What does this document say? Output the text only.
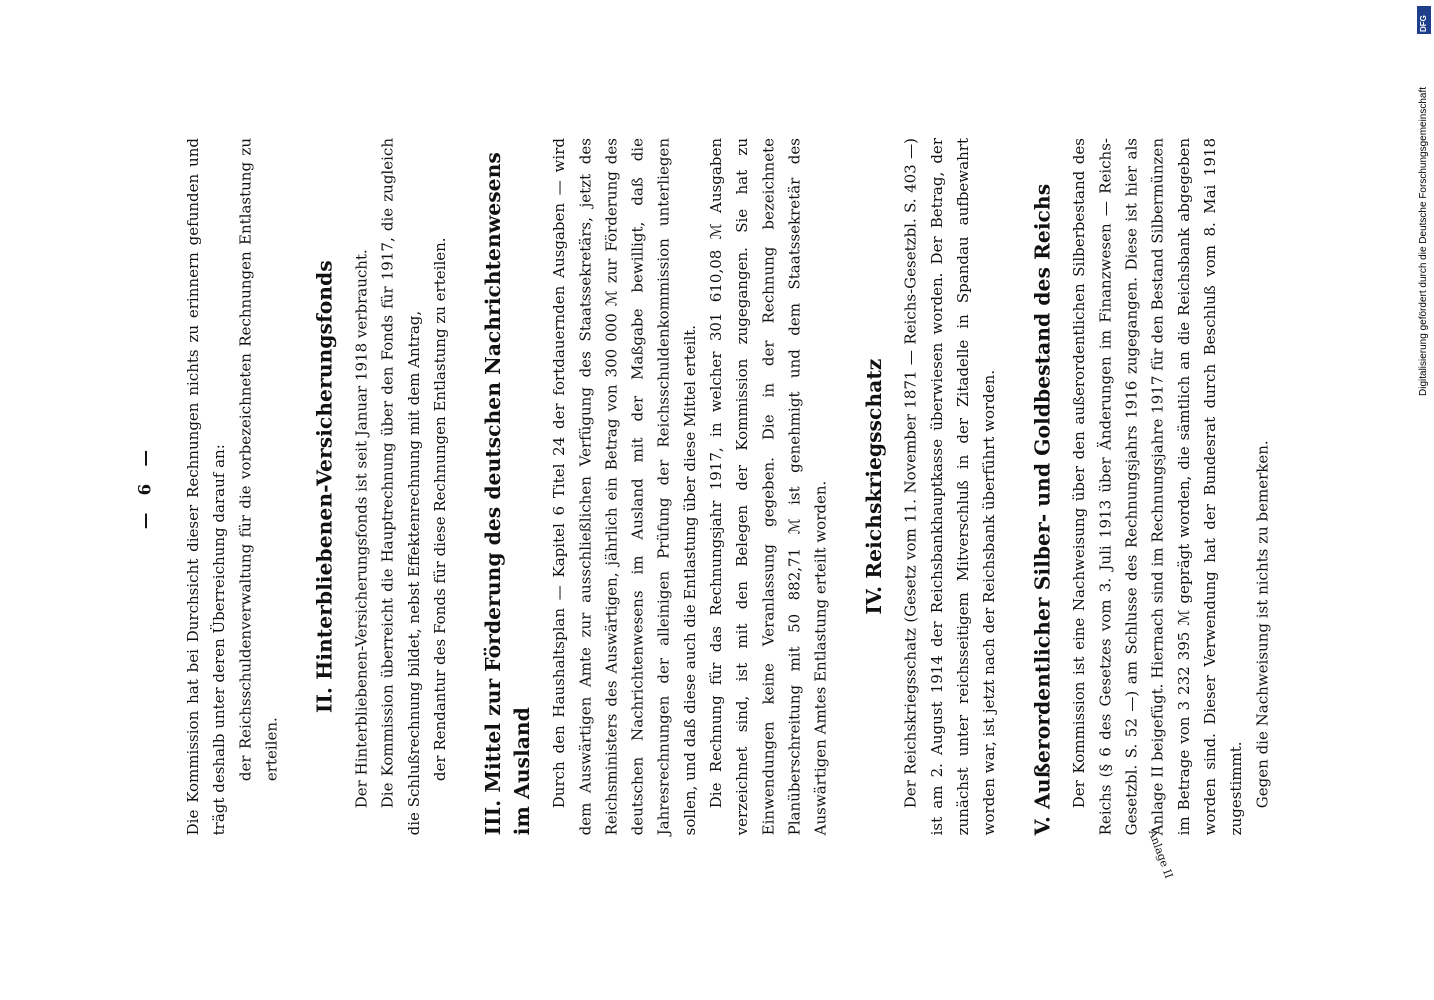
— 6 — Die Kommission hat bei Durchsicht dieser Rechnungen nichts zu erinnern gefunden und trägt deshalb unter deren Überreichung darauf an: der Reichsschuldenverwaltung für die vorbezeichneten Rechnungen Entlastung zu erteilen.

II. Hinterbliebenen-Versicherungsfonds Der Hinterbliebenen-Versicherungsfonds ist seit Januar 1918 verbraucht. Die Kommission überreicht die Hauptrechnung über den Fonds für 1917, die zugleich die Schlußrechnung bildet, nebst Effektenrechnung mit dem Antrag, der Rendantur des Fonds für diese Rechnungen Entlastung zu erteilen. III. Mittel zur Förderung des deutschen Nachrichtenwesens im Ausland Durch den Haushaltsplan — Kapitel 6 Titel 24 der fortdauernden Ausgaben — wird dem Auswärtigen Amte zur ausschließlichen Verfügung des Staatssekretärs, jetzt des Reichsministers des Auswärtigen, jährlich ein Betrag von 300 000 ℳ zur Förderung des deutschen Nachrichtenwesens im Ausland mit der Maßgabe bewilligt, daß die Jahresrechnungen der alleinigen Prüfung der Reichsschuldenkommission unterliegen sollen, und daß diese auch die Entlastung über diese Mittel erteilt. Die Rechnung für das Rechnungsjahr 1917, in welcher 301 610,08 ℳ Ausgaben verzeichnet sind, ist mit den Belegen der Kommission zugegangen. Sie hat zu Einwendungen keine Veranlassung gegeben. Die in der Rechnung bezeichnete Planüberschreitung mit 50 882,71 ℳ ist genehmigt und dem Staatssekretär des Auswärtigen Amtes Entlastung erteilt worden. IV. Reichskriegsschatz Der Reichskriegsschatz (Gesetz vom 11. November 1871 — Reichs-Gesetzbl. S. 403 —) ist am 2. August 1914 der Reichsbankhauptkasse überwiesen worden. Der Betrag, der zunächst unter reichsseitigem Mitverschluß in der Zitadelle in Spandau aufbewahrt worden war, ist jetzt nach der Reichsbank überführt worden. V. Außerordentlicher Silber- und Goldbestand des Reichs Der Kommission ist eine Nachweisung über den außerordentlichen Silberbestand des Reichs (§ 6 des Gesetzes vom 3. Juli 1913 über Änderungen im Finanzwesen — Reichs-Gesetzbl. S. 52 —) am Schlusse des Rechnungsjahrs 1916 zugegangen. Diese ist hier als Anlage II beigefügt. Hiernach sind im Rechnungsjahre 1917 für den Bestand Silbermünzen im Betrage von 3 232 395 ℳ geprägt worden, die sämtlich an die Reichsbank abgegeben worden sind. Dieser Verwendung hat der Bundesrat durch Beschluß vom 8. Mai 1918 zugestimmt. Gegen die Nachweisung ist nichts zu bemerken.

Anlage II
Digitalisierung gefördert durch die Deutsche Forschungsgemeinschaft
DFG
